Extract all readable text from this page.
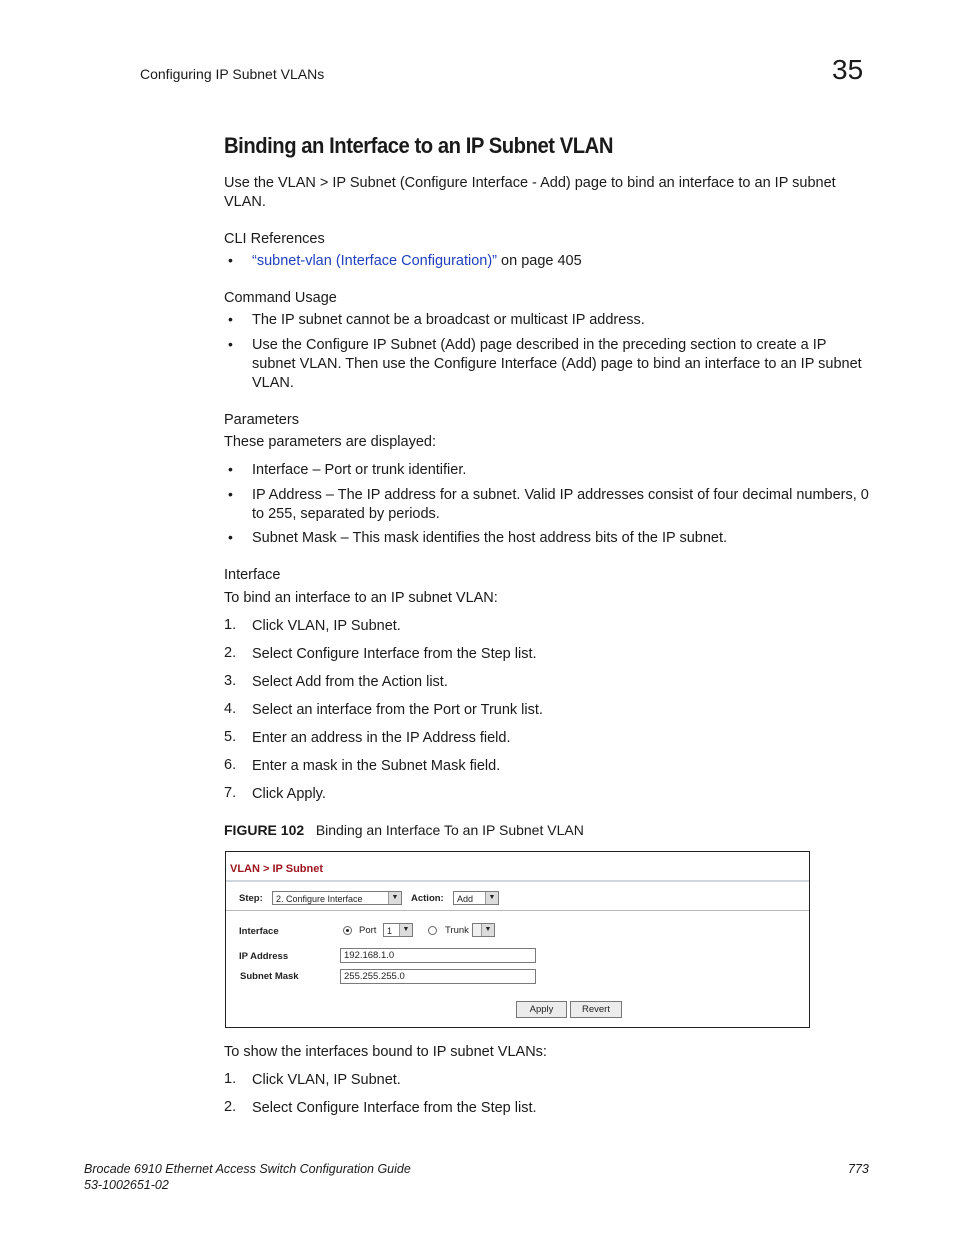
Configuring IP Subnet VLANs	35
Binding an Interface to an IP Subnet VLAN
Use the VLAN > IP Subnet (Configure Interface - Add) page to bind an interface to an IP subnet VLAN.
CLI References
• “subnet-vlan (Interface Configuration)” on page 405
Command Usage
• The IP subnet cannot be a broadcast or multicast IP address.
• Use the Configure IP Subnet (Add) page described in the preceding section to create a IP subnet VLAN. Then use the Configure Interface (Add) page to bind an interface to an IP subnet VLAN.
Parameters
These parameters are displayed:
• Interface – Port or trunk identifier.
• IP Address – The IP address for a subnet. Valid IP addresses consist of four decimal numbers, 0 to 255, separated by periods.
• Subnet Mask – This mask identifies the host address bits of the IP subnet.
Interface
To bind an interface to an IP subnet VLAN:
1. Click VLAN, IP Subnet.
2. Select Configure Interface from the Step list.
3. Select Add from the Action list.
4. Select an interface from the Port or Trunk list.
5. Enter an address in the IP Address field.
6. Enter a mask in the Subnet Mask field.
7. Click Apply.
FIGURE 102 Binding an Interface To an IP Subnet VLAN
VLAN > IP Subnet
Step:	2. Configure Interface	▼ Action:	Add	▼
Interface	Port	1	▼	Trunk	▼
IP Address	192.168.1.0
Subnet Mask	255.255.255.0
Apply	Revert
To show the interfaces bound to IP subnet VLANs:
1. Click VLAN, IP Subnet.
2. Select Configure Interface from the Step list.
Brocade 6910 Ethernet Access Switch Configuration Guide
53-1002651-02
773
